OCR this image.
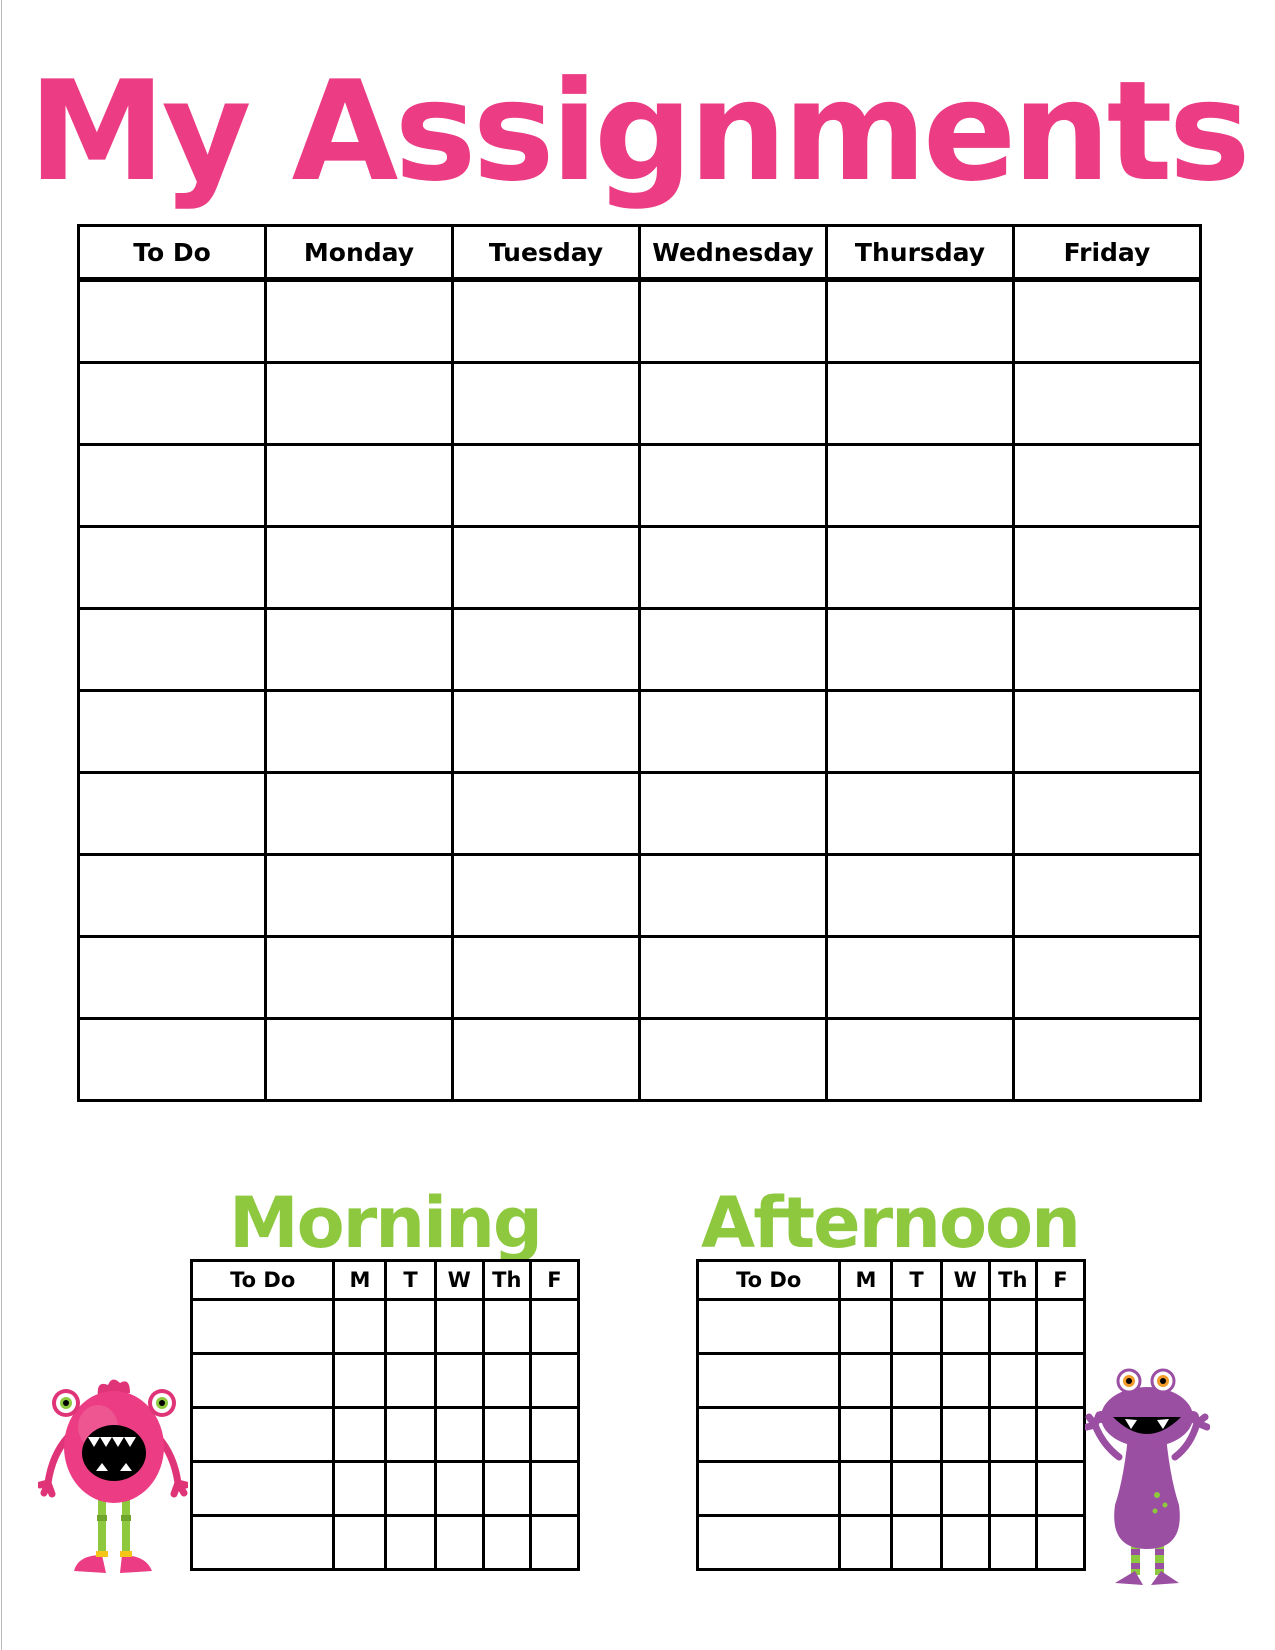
My Assignments
To Do	Monday	Tuesday	Wednesday	Thursday	Friday

Morning
To Do	M	T	W	Th	F

Afternoon
To Do	M	T	W	Th	F
